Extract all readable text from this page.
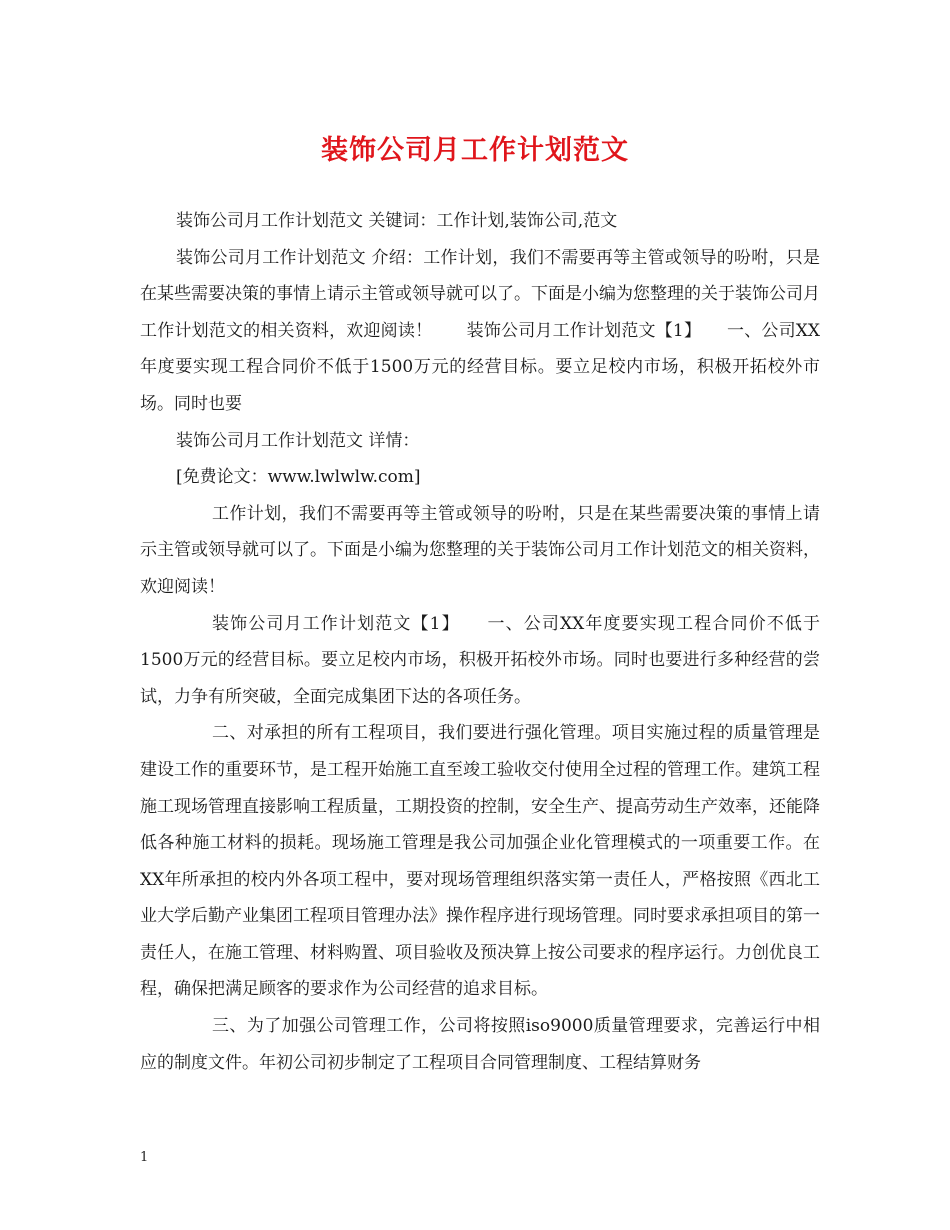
装饰公司月工作计划范文

装饰公司月工作计划范文 关键词：工作计划,装饰公司,范文

装饰公司月工作计划范文 介绍：工作计划，我们不需要再等主管或领导的吩咐，只是在某些需要决策的事情上请示主管或领导就可以了。下面是小编为您整理的关于装饰公司月工作计划范文的相关资料，欢迎阅读！　　装饰公司月工作计划范文【1】　　一、公司XX年度要实现工程合同价不低于1500万元的经营目标。要立足校内市场，积极开拓校外市场。同时也要

装饰公司月工作计划范文 详情：

[免费论文：www.lwlwlw.com]

工作计划，我们不需要再等主管或领导的吩咐，只是在某些需要决策的事情上请示主管或领导就可以了。下面是小编为您整理的关于装饰公司月工作计划范文的相关资料，欢迎阅读！

装饰公司月工作计划范文【1】　　一、公司XX年度要实现工程合同价不低于1500万元的经营目标。要立足校内市场，积极开拓校外市场。同时也要进行多种经营的尝试，力争有所突破，全面完成集团下达的各项任务。

二、对承担的所有工程项目，我们要进行强化管理。项目实施过程的质量管理是建设工作的重要环节，是工程开始施工直至竣工验收交付使用全过程的管理工作。建筑工程施工现场管理直接影响工程质量，工期投资的控制，安全生产、提高劳动生产效率，还能降低各种施工材料的损耗。现场施工管理是我公司加强企业化管理模式的一项重要工作。在XX年所承担的校内外各项工程中，要对现场管理组织落实第一责任人，严格按照《西北工业大学后勤产业集团工程项目管理办法》操作程序进行现场管理。同时要求承担项目的第一责任人，在施工管理、材料购置、项目验收及预决算上按公司要求的程序运行。力创优良工程，确保把满足顾客的要求作为公司经营的追求目标。

三、为了加强公司管理工作，公司将按照iso9000质量管理要求，完善运行中相应的制度文件。年初公司初步制定了工程项目合同管理制度、工程结算财务

1
